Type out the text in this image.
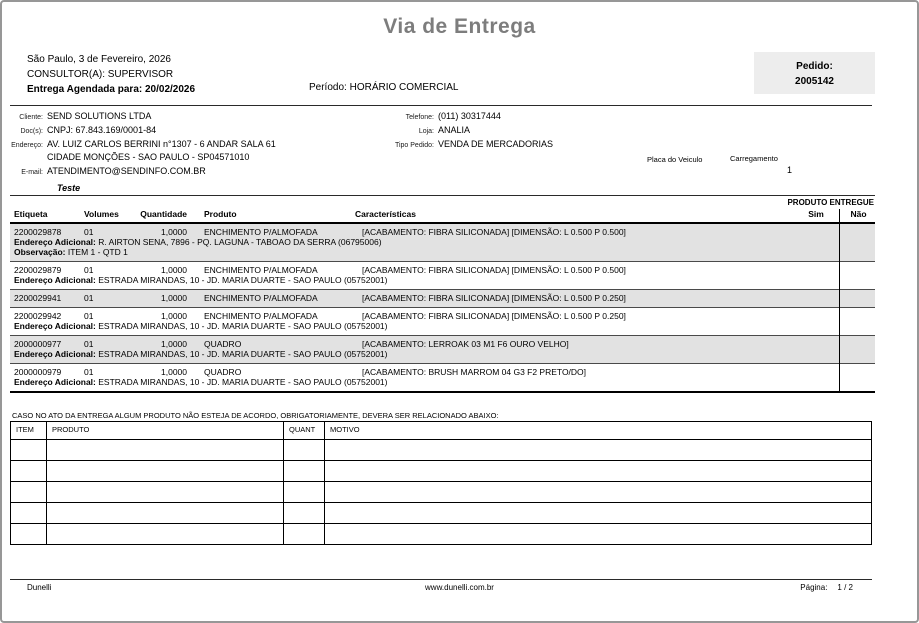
Via de Entrega
São Paulo, 3 de Fevereiro, 2026
CONSULTOR(A): SUPERVISOR
Entrega Agendada para: 20/02/2026	Período: HORÁRIO COMERCIAL
Pedido:
2005142
Cliente: SEND SOLUTIONS LTDA
Doc(s): CNPJ: 67.843.169/0001-84
Endereço: AV. LUIZ CARLOS BERRINI n°1307 - 6 ANDAR SALA 61
CIDADE MONÇÕES - SAO PAULO - SP04571010
E-mail: ATENDIMENTO@SENDINFO.COM.BR
Teste
Telefone: (011) 30317444
Loja: ANALIA
Tipo Pedido: VENDA DE MERCADORIAS
Placa do Veiculo	Carregamento
1
PRODUTO ENTREGUE
Etiqueta	Volumes	Quantidade Produto	Características	Sim	Não
2200029878	01	1,0000 ENCHIMENTO P/ALMOFADA	[ACABAMENTO: FIBRA SILICONADA] [DIMENSÃO: L 0.500 P 0.500]
Endereço Adicional: R. AIRTON SENA, 7896 - PQ. LAGUNA - TABOAO DA SERRA (06795006)
Observação: ITEM 1 - QTD 1
2200029879	01	1,0000 ENCHIMENTO P/ALMOFADA	[ACABAMENTO: FIBRA SILICONADA] [DIMENSÃO: L 0.500 P 0.500]
Endereço Adicional: ESTRADA MIRANDAS, 10 - JD. MARIA DUARTE - SAO PAULO (05752001)
2200029941	01	1,0000 ENCHIMENTO P/ALMOFADA	[ACABAMENTO: FIBRA SILICONADA] [DIMENSÃO: L 0.500 P 0.250]
2200029942	01	1,0000 ENCHIMENTO P/ALMOFADA	[ACABAMENTO: FIBRA SILICONADA] [DIMENSÃO: L 0.500 P 0.250]
Endereço Adicional: ESTRADA MIRANDAS, 10 - JD. MARIA DUARTE - SAO PAULO (05752001)
2000000977	01	1,0000 QUADRO	[ACABAMENTO: LERROAK 03 M1 F6 OURO VELHO]
Endereço Adicional: ESTRADA MIRANDAS, 10 - JD. MARIA DUARTE - SAO PAULO (05752001)
2000000979	01	1,0000 QUADRO	[ACABAMENTO: BRUSH MARROM 04 G3 F2 PRETO/DO]
Endereço Adicional: ESTRADA MIRANDAS, 10 - JD. MARIA DUARTE - SAO PAULO (05752001)
CASO NO ATO DA ENTREGA ALGUM PRODUTO NÃO ESTEJA DE ACORDO, OBRIGATORIAMENTE, DEVERA SER RELACIONADO ABAIXO:
ITEM	PRODUTO	QUANT	MOTIVO
Dunelli	www.dunelli.com.br	Página: 1 / 2
